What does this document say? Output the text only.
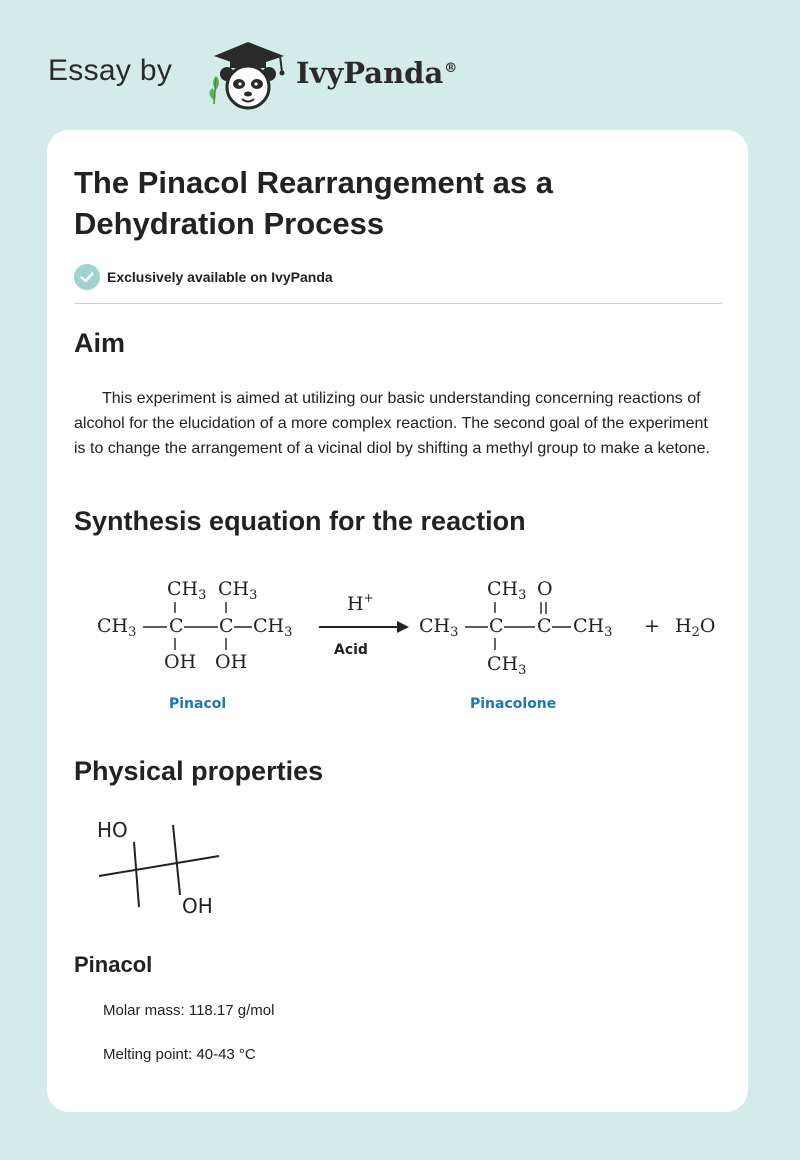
Essay by	IvyPanda®
The Pinacol Rearrangement as a Dehydration Process
Exclusively available on IvyPanda
Aim

This experiment is aimed at utilizing our basic understanding concerning reactions of alcohol for the elucidation of a more complex reaction. The second goal of the experiment is to change the arrangement of a vicinal diol by shifting a methyl group to make a ketone.

Synthesis equation for the reaction
$CH_3$ $CH_3$
$CH_3$ C C $CH_3$
OH OH
Pinacol
H+
Acid
$CH_3$ O
$CH_3$ C C $CH_3$
$CH_3$
Pinacolone
+ $H_2O$
Physical properties
HO
OH
Pinacol

Molar mass: 118.17 g/mol

Melting point: 40-43 °C
